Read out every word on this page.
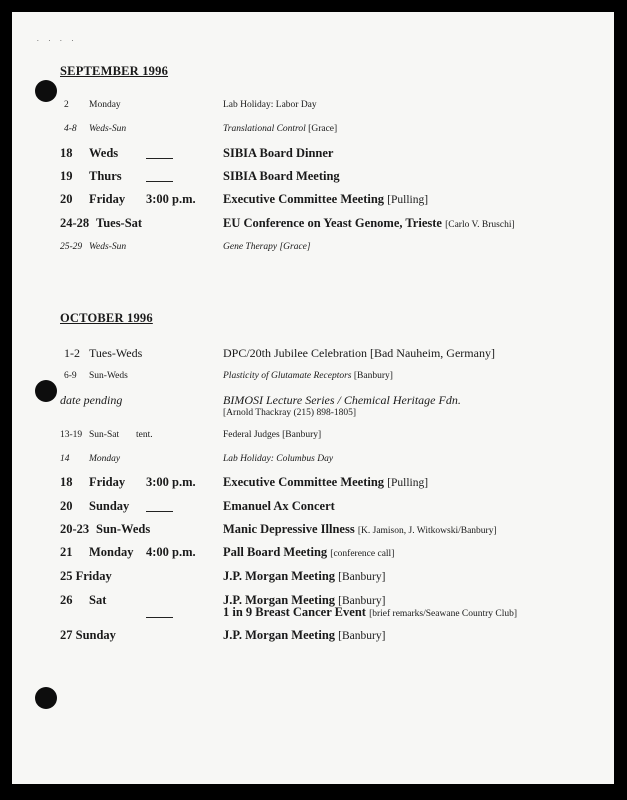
. . . .
SEPTEMBER 1996
2 Monday	Lab Holiday: Labor Day
4-8 Weds-Sun	Translational Control [Grace]
18 Weds	SIBIA Board Dinner
19 Thurs	SIBIA Board Meeting
20 Friday 3:00 p.m. Executive Committee Meeting [Pulling]
24-28 Tues-Sat	EU Conference on Yeast Genome, Trieste [Carlo V. Bruschi]
25-29 Weds-Sun	Gene Therapy [Grace]
OCTOBER 1996
1-2 Tues-Weds	DPC/20th Jubilee Celebration [Bad Nauheim, Germany]
6-9 Sun-Weds	Plasticity of Glutamate Receptors [Banbury]
date pending	BIMOSI Lecture Series / Chemical Heritage Fdn.
[Arnold Thackray (215) 898-1805]
13-19 Sun-Sat tent.	Federal Judges [Banbury]
14 Monday	Lab Holiday: Columbus Day
18 Friday 3:00 p.m. Executive Committee Meeting [Pulling]
20 Sunday	Emanuel Ax Concert
20-23 Sun-Weds	Manic Depressive Illness [K. Jamison, J. Witkowski/Banbury]
21 Monday 4:00 p.m. Pall Board Meeting [conference call]
25 Friday	J.P. Morgan Meeting [Banbury]
26 Sat	J.P. Morgan Meeting [Banbury]
1 in 9 Breast Cancer Event [brief remarks/Seawane Country Club]
27 Sunday	J.P. Morgan Meeting [Banbury]
